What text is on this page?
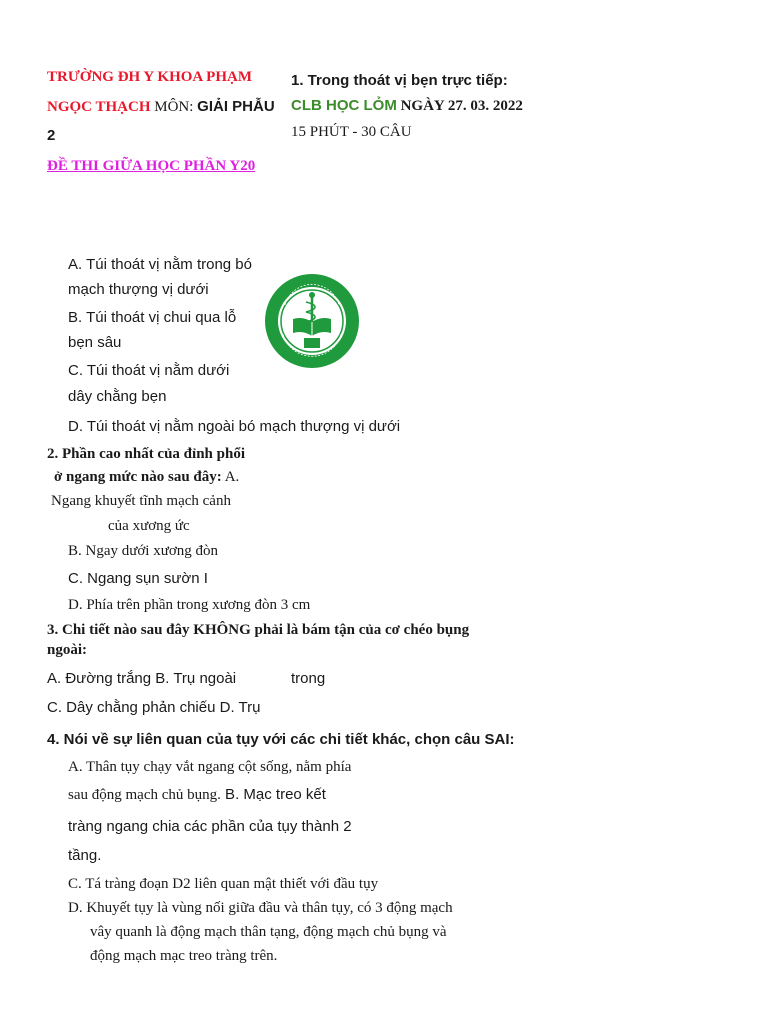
TRƯỜNG ĐH Y KHOA PHẠM
NGỌC THẠCH MÔN: GIẢI PHẪU
2
ĐỀ THI GIỮA HỌC PHẦN Y20
1. Trong thoát vị bẹn trực tiếp:
CLB HỌC LỎM NGÀY 27. 03. 2022
15 PHÚT - 30 CÂU
A. Túi thoát vị nằm trong bó
mạch thượng vị dưới
B. Túi thoát vị chui qua lỗ
bẹn sâu
C. Túi thoát vị nằm dưới
dây chằng bẹn
D. Túi thoát vị nằm ngoài bó mạch thượng vị dưới
2. Phần cao nhất của đỉnh phổi
ở ngang mức nào sau đây: A.
Ngang khuyết tĩnh mạch cảnh
của xương ức
B. Ngay dưới xương đòn
C. Ngang sụn sườn I
D. Phía trên phần trong xương đòn 3 cm
3. Chi tiết nào sau đây KHÔNG phải là bám tận của cơ chéo bụng
ngoài:
A. Đường trắng B. Trụ ngoài	trong
C. Dây chằng phản chiếu D. Trụ
4. Nói về sự liên quan của tụy với các chi tiết khác, chọn câu SAI:
A. Thân tụy chạy vắt ngang cột sống, nằm phía
sau động mạch chủ bụng. B. Mạc treo kết
tràng ngang chia các phần của tụy thành 2
tầng.
C. Tá tràng đoạn D2 liên quan mật thiết với đầu tụy
D. Khuyết tụy là vùng nối giữa đầu và thân tụy, có 3 động mạch
vây quanh là động mạch thân tạng, động mạch chủ bụng và
động mạch mạc treo tràng trên.
